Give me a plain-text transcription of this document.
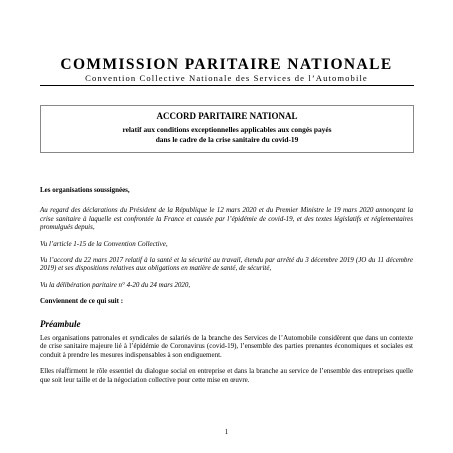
COMMISSION PARITAIRE NATIONALE
Convention Collective Nationale des Services de l’Automobile
ACCORD PARITAIRE NATIONAL
relatif aux conditions exceptionnelles applicables aux congés payés
dans le cadre de la crise sanitaire du covid-19

Les organisations soussignées,

Au regard des déclarations du Président de la République le 12 mars 2020 et du Premier Ministre le 19 mars 2020 annonçant la crise sanitaire à laquelle est confrontée la France et causée par l’épidémie de covid-19, et des textes législatifs et réglementaires promulgués depuis,

Vu l’article 1-15 de la Convention Collective,

Vu l’accord du 22 mars 2017 relatif à la santé et la sécurité au travail, étendu par arrêté du 3 décembre 2019 (JO du 11 décembre 2019) et ses dispositions relatives aux obligations en matière de santé, de sécurité,

Vu la délibération paritaire n° 4-20 du 24 mars 2020,

Conviennent de ce qui suit :

Préambule

Les organisations patronales et syndicales de salariés de la branche des Services de l’Automobile considèrent que dans un contexte de crise sanitaire majeure lié à l’épidémie de Coronavirus (covid-19), l’ensemble des parties prenantes économiques et sociales est conduit à prendre les mesures indispensables à son endiguement.

Elles réaffirment le rôle essentiel du dialogue social en entreprise et dans la branche au service de l’ensemble des entreprises quelle que soit leur taille et de la négociation collective pour cette mise en œuvre.

1
